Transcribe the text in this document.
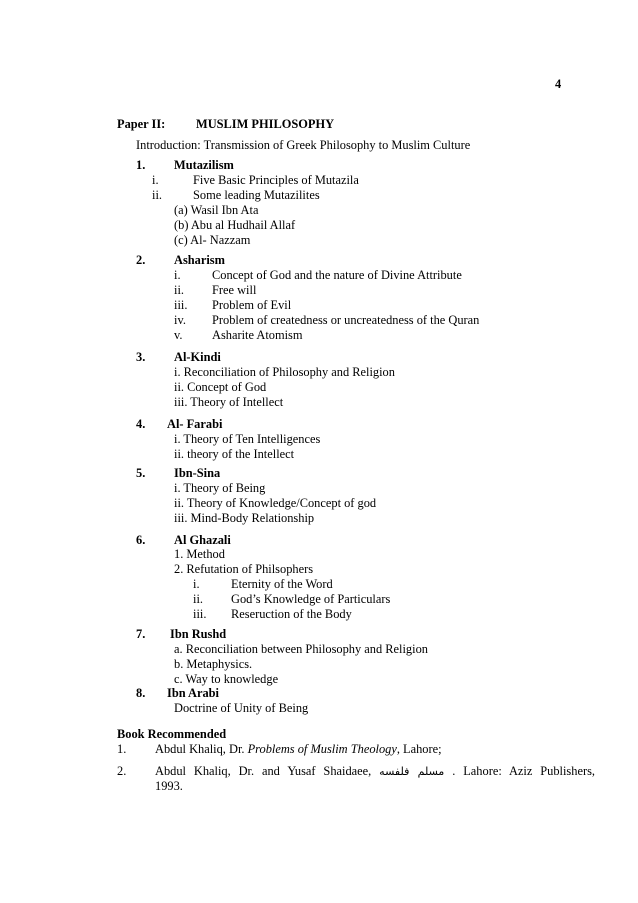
4
Paper II: MUSLIM PHILOSOPHY
Introduction: Transmission of Greek Philosophy to Muslim Culture
1. Mutazilism
i.	Five Basic Principles of Mutazila
ii.	Some leading Mutazilites
(a) Wasil Ibn Ata
(b) Abu al Hudhail Allaf
(c) Al- Nazzam
2. Asharism
i.	Concept of God and the nature of Divine Attribute
ii. Free will
iii. Problem of Evil
iv. Problem of createdness or uncreatedness of the Quran
v. Asharite Atomism
3. Al-Kindi
i. Reconciliation of Philosophy and Religion
ii. Concept of God
iii. Theory of Intellect
4. Al- Farabi
i. Theory of Ten Intelligences
ii. theory of the Intellect
5. Ibn-Sina
i. Theory of Being
ii. Theory of Knowledge/Concept of god
iii. Mind-Body Relationship
6. Al Ghazali
1. Method
2. Refutation of Philsophers
i.	Eternity of the Word
ii. God’s Knowledge of Particulars
iii. Reseruction of the Body
7. Ibn Rushd
a. Reconciliation between Philosophy and Religion
b. Metaphysics.
c. Way to knowledge
8. Ibn Arabi
Doctrine of Unity of Being
Book Recommended
1. Abdul Khaliq, Dr. Problems of Muslim Theology, Lahore;
2. Abdul Khaliq, Dr. and Yusaf Shaidaee, مسلم فلفسه . Lahore: Aziz Publishers,
1993.
